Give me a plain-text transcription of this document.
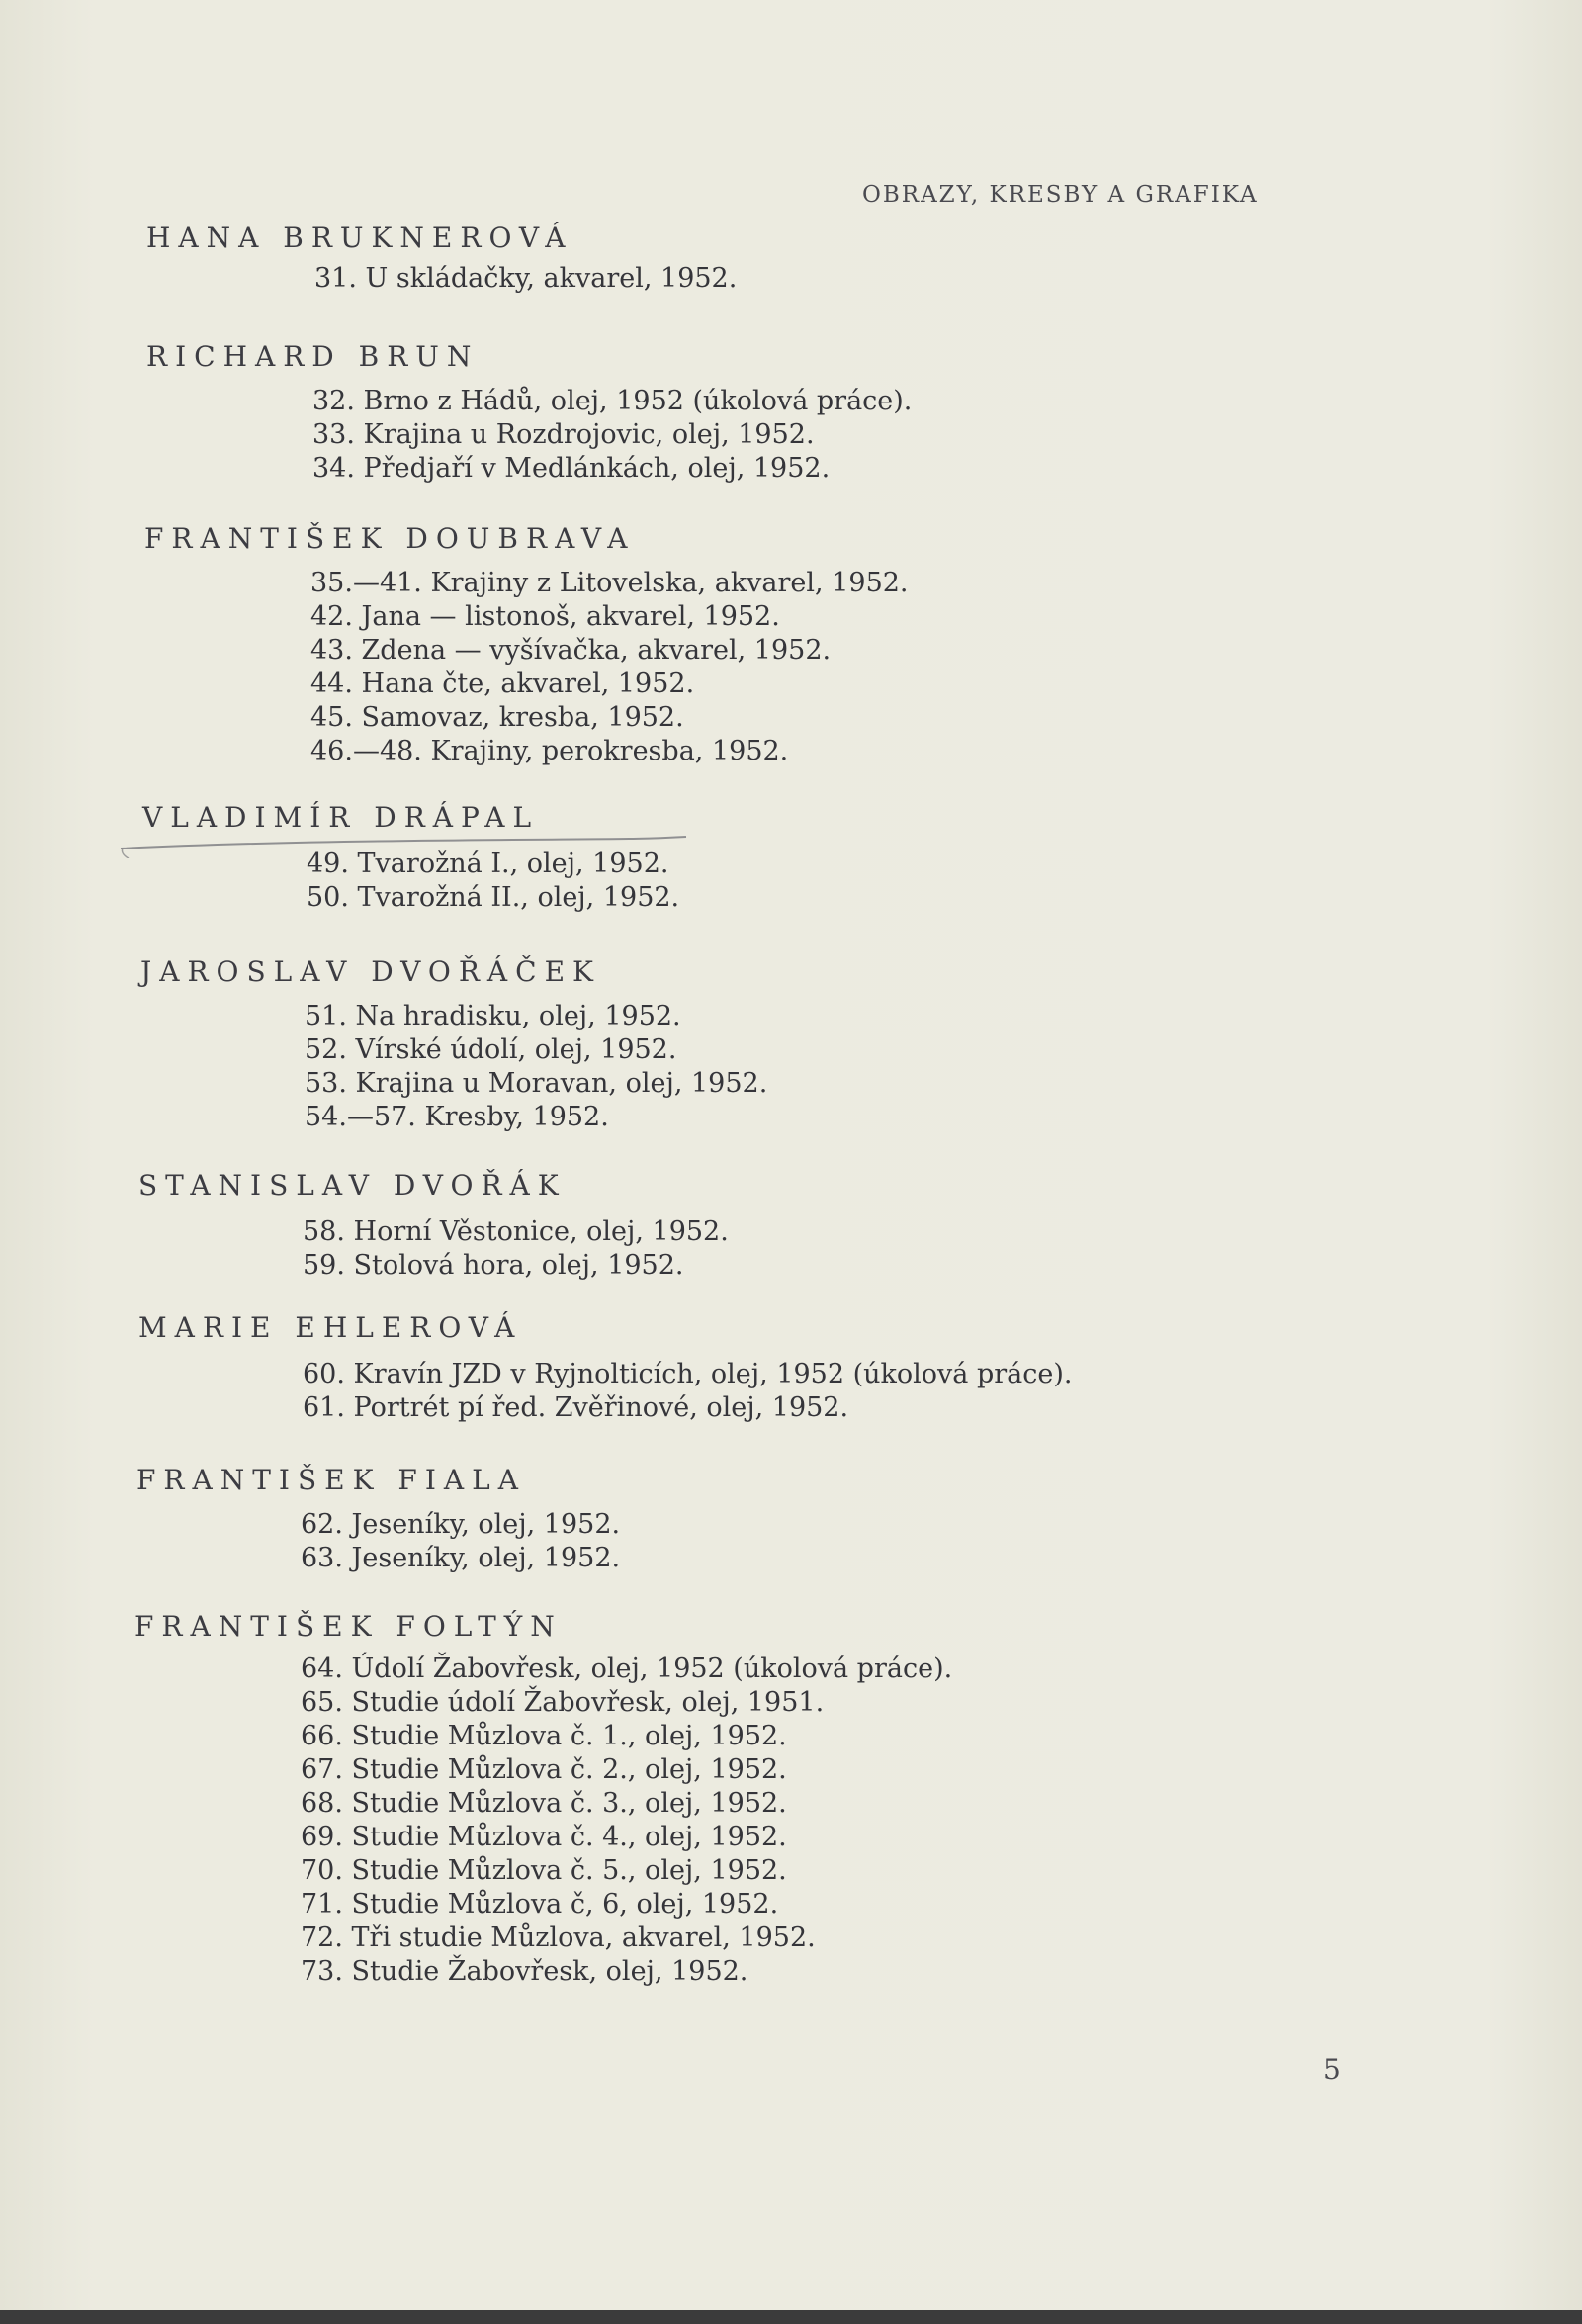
OBRAZY, KRESBY A GRAFIKA
HANA BRUKNEROVÁ
31. U skládačky, akvarel, 1952.
RICHARD BRUN
32. Brno z Hádů, olej, 1952 (úkolová práce).
33. Krajina u Rozdrojovic, olej, 1952.
34. Předjaří v Medlánkách, olej, 1952.
FRANTIŠEK DOUBRAVA
35.—41. Krajiny z Litovelska, akvarel, 1952.
42. Jana — listonoš, akvarel, 1952.
43. Zdena — vyšívačka, akvarel, 1952.
44. Hana čte, akvarel, 1952.
45. Samovaz, kresba, 1952.
46.—48. Krajiny, perokresba, 1952.
VLADIMÍR DRÁPAL
49. Tvarožná I., olej, 1952.
50. Tvarožná II., olej, 1952.
JAROSLAV DVOŘÁČEK
51. Na hradisku, olej, 1952.
52. Vírské údolí, olej, 1952.
53. Krajina u Moravan, olej, 1952.
54.—57. Kresby, 1952.
STANISLAV DVOŘÁK
58. Horní Věstonice, olej, 1952.
59. Stolová hora, olej, 1952.
MARIE EHLEROVÁ
60. Kravín JZD v Ryjnolticích, olej, 1952 (úkolová práce).
61. Portrét pí řed. Zvěřinové, olej, 1952.
FRANTIŠEK FIALA
62. Jeseníky, olej, 1952.
63. Jeseníky, olej, 1952.
FRANTIŠEK FOLTÝN
64. Údolí Žabovřesk, olej, 1952 (úkolová práce).
65. Studie údolí Žabovřesk, olej, 1951.
66. Studie Můzlova č. 1., olej, 1952.
67. Studie Můzlova č. 2., olej, 1952.
68. Studie Můzlova č. 3., olej, 1952.
69. Studie Můzlova č. 4., olej, 1952.
70. Studie Můzlova č. 5., olej, 1952.
71. Studie Můzlova č, 6, olej, 1952.
72. Tři studie Můzlova, akvarel, 1952.
73. Studie Žabovřesk, olej, 1952.
5
